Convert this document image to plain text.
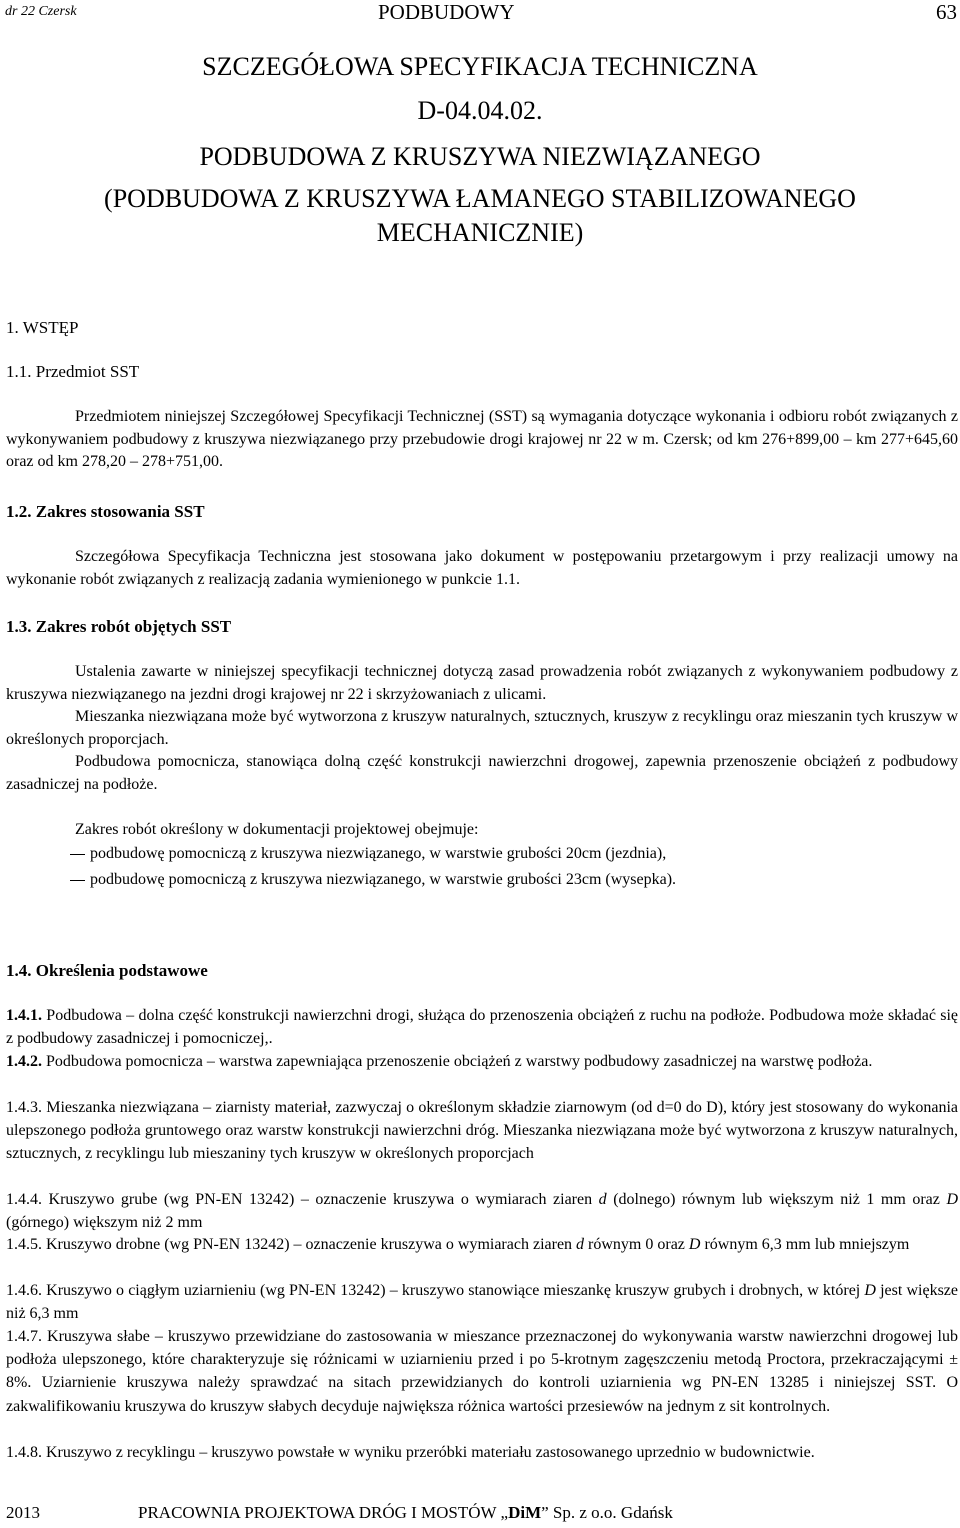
dr 22 Czersk	PODBUDOWY	63
SZCZEGÓŁOWA SPECYFIKACJA TECHNICZNA
D-04.04.02.
PODBUDOWA Z KRUSZYWA NIEZWIĄZANEGO
(PODBUDOWA Z KRUSZYWA ŁAMANEGO STABILIZOWANEGO
MECHANICZNIE)
1. WSTĘP
1.1. Przedmiot SST
Przedmiotem niniejszej Szczegółowej Specyfikacji Technicznej (SST) są wymagania dotyczące wykonania i odbioru robót związanych z wykonywaniem podbudowy z kruszywa niezwiązanego przy przebudowie drogi krajowej nr 22 w m. Czersk; od km 276+899,00 – km 277+645,60 oraz od km 278,20 – 278+751,00.
1.2. Zakres stosowania SST
Szczegółowa Specyfikacja Techniczna jest stosowana jako dokument w postępowaniu przetargowym i przy realizacji umowy na wykonanie robót związanych z realizacją zadania wymienionego w punkcie 1.1.
1.3. Zakres robót objętych SST
Ustalenia zawarte w niniejszej specyfikacji technicznej dotyczą zasad prowadzenia robót związanych z wykonywaniem podbudowy z kruszywa niezwiązanego na jezdni drogi krajowej nr 22 i skrzyżowaniach z ulicami.
Mieszanka niezwiązana może być wytworzona z kruszyw naturalnych, sztucznych, kruszyw z recyklingu oraz mieszanin tych kruszyw w określonych proporcjach.
Podbudowa pomocnicza, stanowiąca dolną część konstrukcji nawierzchni drogowej, zapewnia przenoszenie obciążeń z podbudowy zasadniczej na podłoże.
Zakres robót określony w dokumentacji projektowej obejmuje:
podbudowę pomocniczą z kruszywa niezwiązanego, w warstwie grubości 20cm (jezdnia),
podbudowę pomocniczą z kruszywa niezwiązanego, w warstwie grubości 23cm (wysepka).
1.4. Określenia podstawowe
1.4.1. Podbudowa – dolna część konstrukcji nawierzchni drogi, służąca do przenoszenia obciążeń z ruchu na podłoże. Podbudowa może składać się z podbudowy zasadniczej i pomocniczej,.
1.4.2. Podbudowa pomocnicza – warstwa zapewniająca przenoszenie obciążeń z warstwy podbudowy zasadniczej na warstwę podłoża.
1.4.3. Mieszanka niezwiązana – ziarnisty materiał, zazwyczaj o określonym składzie ziarnowym (od d=0 do D), który jest stosowany do wykonania ulepszonego podłoża gruntowego oraz warstw konstrukcji nawierzchni dróg. Mieszanka niezwiązana może być wytworzona z kruszyw naturalnych, sztucznych, z recyklingu lub mieszaniny tych kruszyw w określonych proporcjach
1.4.4. Kruszywo grube (wg PN-EN 13242) – oznaczenie kruszywa o wymiarach ziaren d (dolnego) równym lub większym niż 1 mm oraz D (górnego) większym niż 2 mm
1.4.5. Kruszywo drobne (wg PN-EN 13242) – oznaczenie kruszywa o wymiarach ziaren d równym 0 oraz D równym 6,3 mm lub mniejszym
1.4.6. Kruszywo o ciągłym uziarnieniu (wg PN-EN 13242) – kruszywo stanowiące mieszankę kruszyw grubych i drobnych, w której D jest większe niż 6,3 mm
1.4.7. Kruszywa słabe – kruszywo przewidziane do zastosowania w mieszance przeznaczonej do wykonywania warstw nawierzchni drogowej lub podłoża ulepszonego, które charakteryzuje się różnicami w uziarnieniu przed i po 5-krotnym zagęszczeniu metodą Proctora, przekraczającymi ± 8%. Uziarnienie kruszywa należy sprawdzać na sitach przewidzianych do kontroli uziarnienia wg PN-EN 13285 i niniejszej SST. O zakwalifikowaniu kruszywa do kruszyw słabych decyduje największa różnica wartości przesiewów na jednym z sit kontrolnych.
1.4.8. Kruszywo z recyklingu – kruszywo powstałe w wyniku przeróbki materiału zastosowanego uprzednio w budownictwie.
2013	PRACOWNIA PROJEKTOWA DRÓG I MOSTÓW „DiM” Sp. z o.o. Gdańsk
